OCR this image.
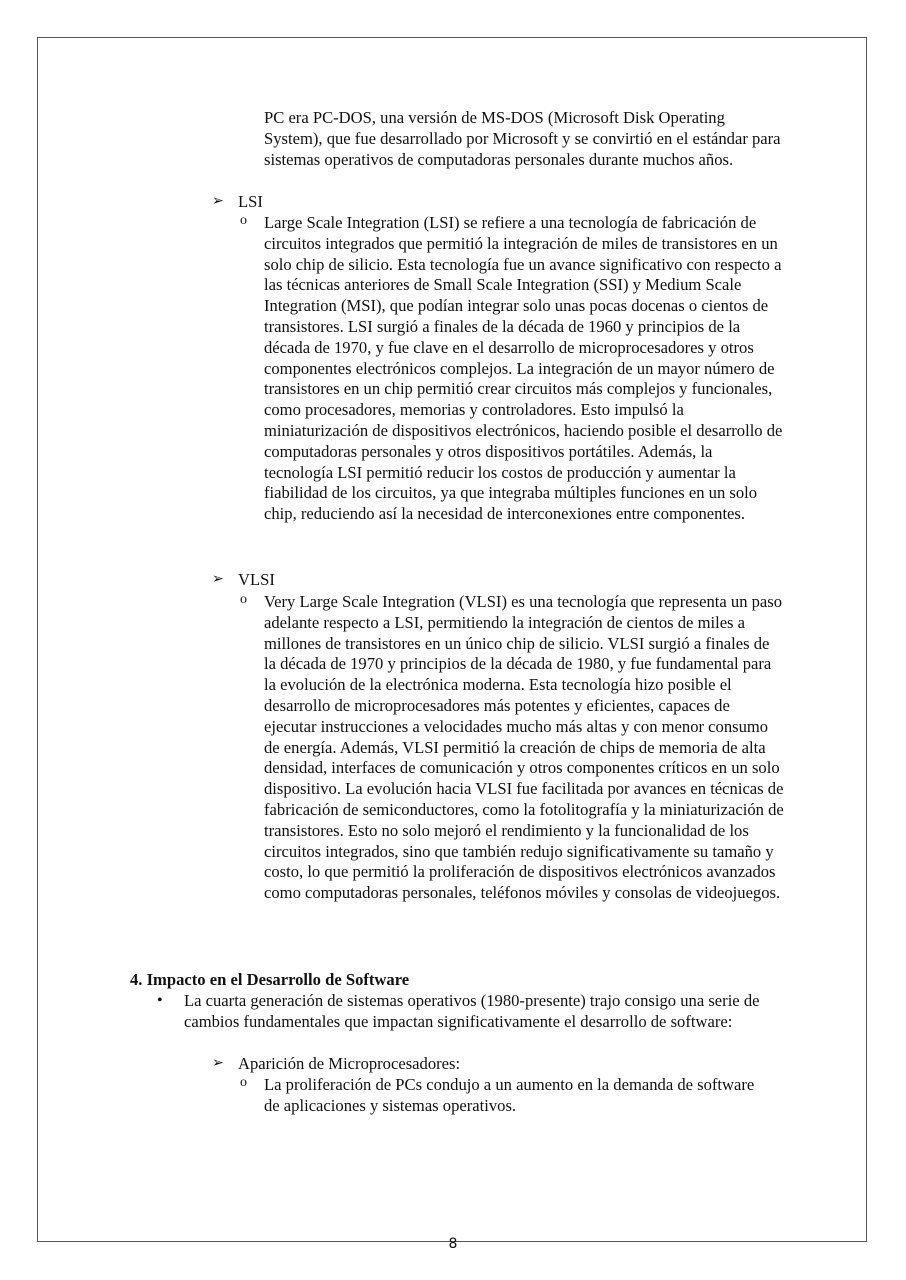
PC era PC-DOS, una versión de MS-DOS (Microsoft Disk Operating System), que fue desarrollado por Microsoft y se convirtió en el estándar para sistemas operativos de computadoras personales durante muchos años.

➢ LSI
o Large Scale Integration (LSI) se refiere a una tecnología de fabricación de circuitos integrados que permitió la integración de miles de transistores en un solo chip de silicio. Esta tecnología fue un avance significativo con respecto a las técnicas anteriores de Small Scale Integration (SSI) y Medium Scale Integration (MSI), que podían integrar solo unas pocas docenas o cientos de transistores. LSI surgió a finales de la década de 1960 y principios de la década de 1970, y fue clave en el desarrollo de microprocesadores y otros componentes electrónicos complejos. La integración de un mayor número de transistores en un chip permitió crear circuitos más complejos y funcionales, como procesadores, memorias y controladores. Esto impulsó la miniaturización de dispositivos electrónicos, haciendo posible el desarrollo de computadoras personales y otros dispositivos portátiles. Además, la tecnología LSI permitió reducir los costos de producción y aumentar la fiabilidad de los circuitos, ya que integraba múltiples funciones en un solo chip, reduciendo así la necesidad de interconexiones entre componentes.

➢ VLSI
o Very Large Scale Integration (VLSI) es una tecnología que representa un paso adelante respecto a LSI, permitiendo la integración de cientos de miles a millones de transistores en un único chip de silicio. VLSI surgió a finales de la década de 1970 y principios de la década de 1980, y fue fundamental para la evolución de la electrónica moderna. Esta tecnología hizo posible el desarrollo de microprocesadores más potentes y eficientes, capaces de ejecutar instrucciones a velocidades mucho más altas y con menor consumo de energía. Además, VLSI permitió la creación de chips de memoria de alta densidad, interfaces de comunicación y otros componentes críticos en un solo dispositivo. La evolución hacia VLSI fue facilitada por avances en técnicas de fabricación de semiconductores, como la fotolitografía y la miniaturización de transistores. Esto no solo mejoró el rendimiento y la funcionalidad de los circuitos integrados, sino que también redujo significativamente su tamaño y costo, lo que permitió la proliferación de dispositivos electrónicos avanzados como computadoras personales, teléfonos móviles y consolas de videojuegos.

4. Impacto en el Desarrollo de Software
• La cuarta generación de sistemas operativos (1980-presente) trajo consigo una serie de cambios fundamentales que impactan significativamente el desarrollo de software:

➢ Aparición de Microprocesadores:
o La proliferación de PCs condujo a un aumento en la demanda de software de aplicaciones y sistemas operativos.

8
